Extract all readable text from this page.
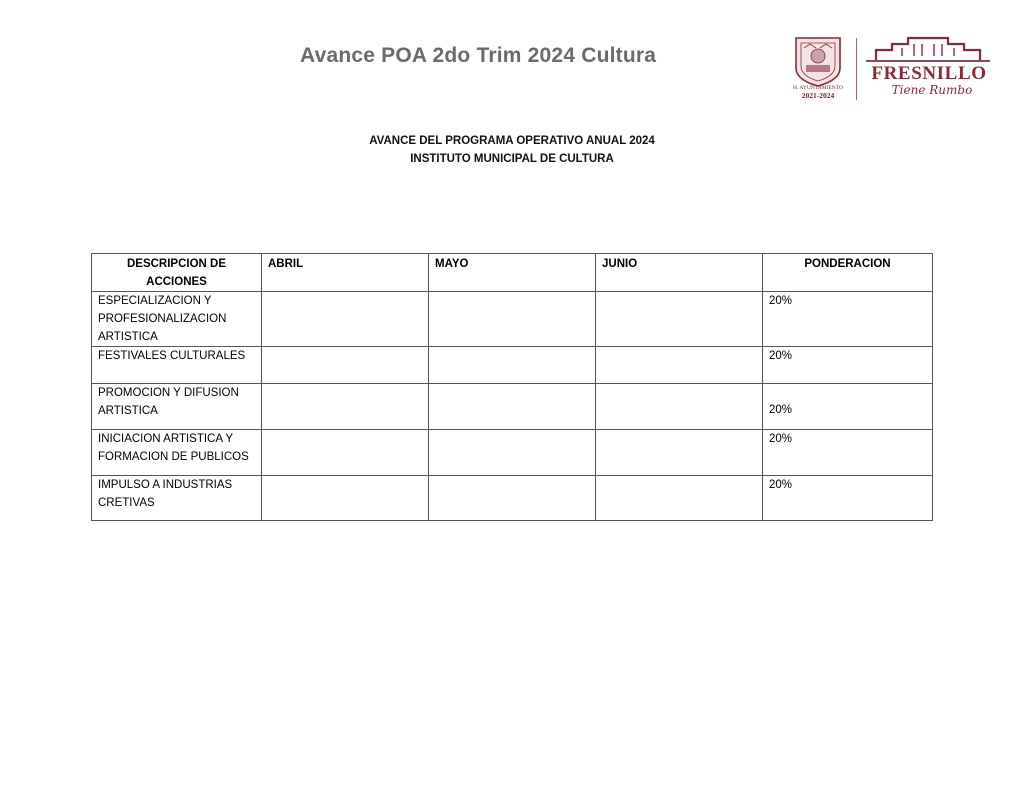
Avance POA 2do Trim 2024 Cultura
H. AYUNTAMIENTO
2021-2024
FRESNILLO
Tiene Rumbo
AVANCE DEL PROGRAMA OPERATIVO ANUAL 2024
INSTITUTO MUNICIPAL DE CULTURA
DESCRIPCION DE ACCIONES	ABRIL	MAYO	JUNIO	PONDERACION
ESPECIALIZACION Y PROFESIONALIZACION ARTISTICA				20%
FESTIVALES CULTURALES				20%
PROMOCION Y DIFUSION ARTISTICA				20%
INICIACION ARTISTICA Y FORMACION DE PUBLICOS				20%
IMPULSO A INDUSTRIAS CRETIVAS				20%
